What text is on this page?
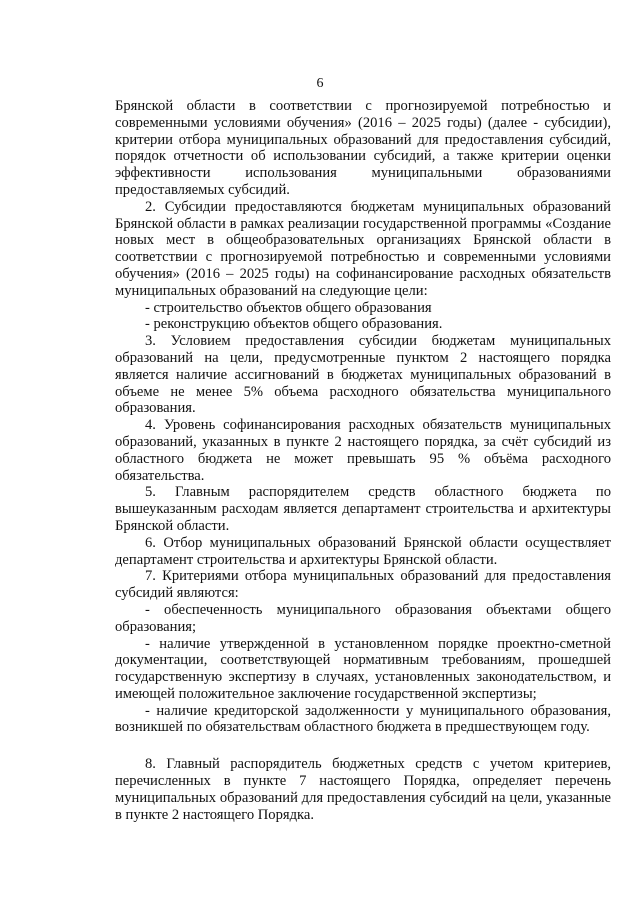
6

Брянской области в соответствии с прогнозируемой потребностью и современными условиями обучения» (2016 – 2025 годы) (далее - субсидии), критерии отбора муниципальных образований для предоставления субсидий, порядок отчетности об использовании субсидий, а также критерии оценки эффективности использования муниципальными образованиями предоставляемых субсидий.

2. Субсидии предоставляются бюджетам муниципальных образований Брянской области в рамках реализации государственной программы «Создание новых мест в общеобразовательных организациях Брянской области в соответствии с прогнозируемой потребностью и современными условиями обучения» (2016 – 2025 годы) на софинансирование расходных обязательств муниципальных образований на следующие цели:

- строительство объектов общего образования

- реконструкцию объектов общего образования.

3. Условием предоставления субсидии бюджетам муниципальных образований на цели, предусмотренные пунктом 2 настоящего порядка является наличие ассигнований в бюджетах муниципальных образований в объеме не менее 5% объема расходного обязательства муниципального образования.

4. Уровень софинансирования расходных обязательств муниципальных образований, указанных в пункте 2 настоящего порядка, за счёт субсидий из областного бюджета не может превышать 95 % объёма расходного обязательства.

5. Главным распорядителем средств областного бюджета по вышеуказанным расходам является департамент строительства и архитектуры Брянской области.

6. Отбор муниципальных образований Брянской области осуществляет департамент строительства и архитектуры Брянской области.

7. Критериями отбора муниципальных образований для предоставления субсидий являются:

- обеспеченность муниципального образования объектами общего образования;

- наличие утвержденной в установленном порядке проектно-сметной документации, соответствующей нормативным требованиям, прошедшей государственную экспертизу в случаях, установленных законодательством, и имеющей положительное заключение государственной экспертизы;

- наличие кредиторской задолженности у муниципального образования, возникшей по обязательствам областного бюджета в предшествующем году.

8. Главный распорядитель бюджетных средств с учетом критериев, перечисленных в пункте 7 настоящего Порядка, определяет перечень муниципальных образований для предоставления субсидий на цели, указанные в пункте 2 настоящего Порядка.
